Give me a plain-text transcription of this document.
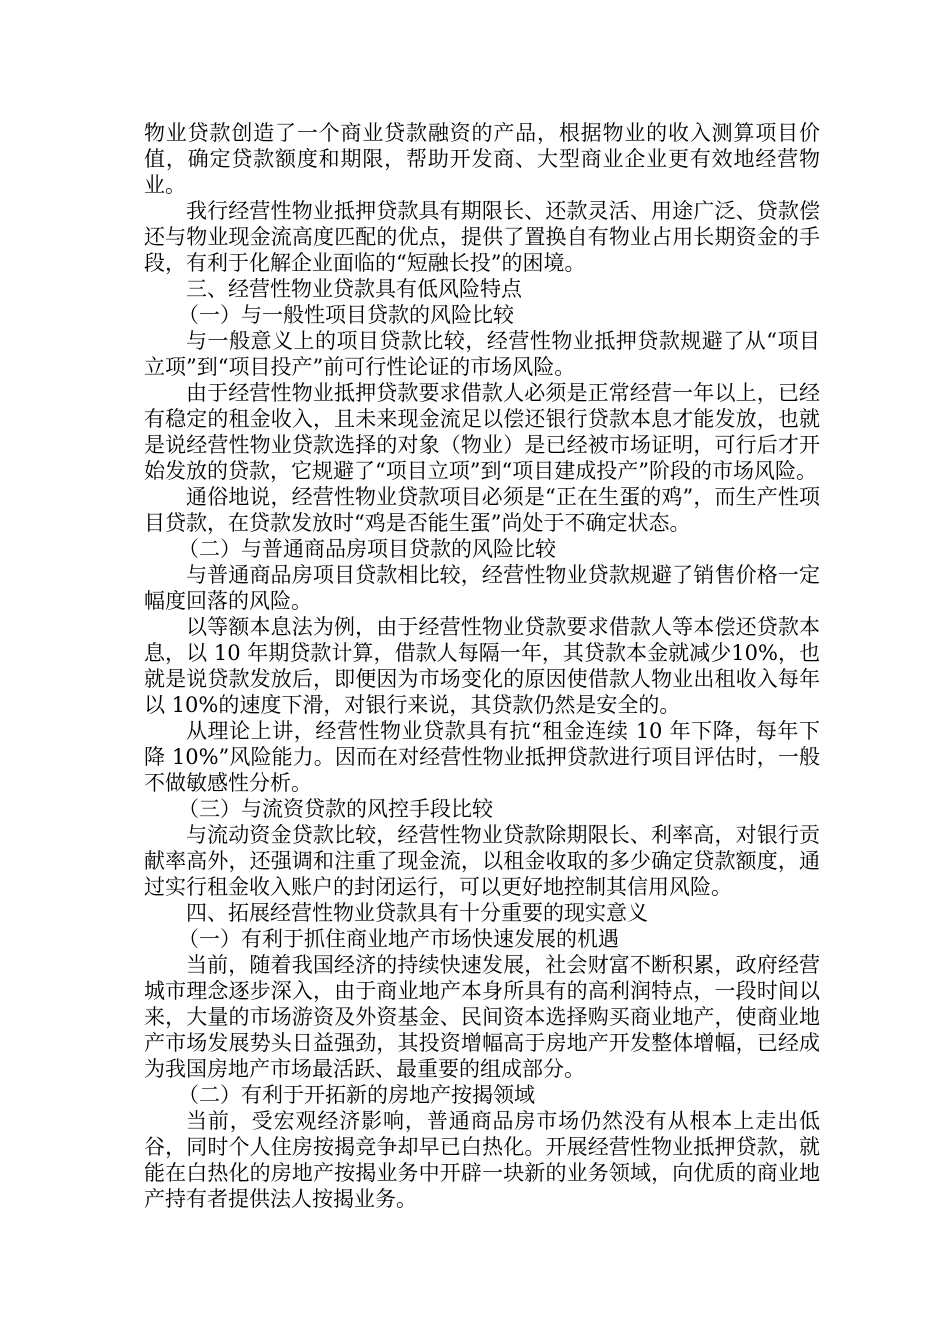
物业贷款创造了一个商业贷款融资的产品，根据物业的收入测算项目价值，确定贷款额度和期限，帮助开发商、大型商业企业更有效地经营物业。

我行经营性物业抵押贷款具有期限长、还款灵活、用途广泛、贷款偿还与物业现金流高度匹配的优点，提供了置换自有物业占用长期资金的手段，有利于化解企业面临的“短融长投”的困境。

三、经营性物业贷款具有低风险特点

（一）与一般性项目贷款的风险比较

与一般意义上的项目贷款比较，经营性物业抵押贷款规避了从“项目立项”到“项目投产”前可行性论证的市场风险。

由于经营性物业抵押贷款要求借款人必须是正常经营一年以上，已经有稳定的租金收入，且未来现金流足以偿还银行贷款本息才能发放，也就是说经营性物业贷款选择的对象（物业）是已经被市场证明，可行后才开始发放的贷款，它规避了“项目立项”到“项目建成投产”阶段的市场风险。

通俗地说，经营性物业贷款项目必须是“正在生蛋的鸡”，而生产性项目贷款，在贷款发放时“鸡是否能生蛋”尚处于不确定状态。

（二）与普通商品房项目贷款的风险比较

与普通商品房项目贷款相比较，经营性物业贷款规避了销售价格一定幅度回落的风险。

以等额本息法为例，由于经营性物业贷款要求借款人等本偿还贷款本息，以 10 年期贷款计算，借款人每隔一年，其贷款本金就减少10%，也就是说贷款发放后，即便因为市场变化的原因使借款人物业出租收入每年以 10%的速度下滑，对银行来说，其贷款仍然是安全的。

从理论上讲，经营性物业贷款具有抗“租金连续 10 年下降，每年下降 10%”风险能力。因而在对经营性物业抵押贷款进行项目评估时，一般不做敏感性分析。

（三）与流资贷款的风控手段比较

与流动资金贷款比较，经营性物业贷款除期限长、利率高，对银行贡献率高外，还强调和注重了现金流，以租金收取的多少确定贷款额度，通过实行租金收入账户的封闭运行，可以更好地控制其信用风险。

四、拓展经营性物业贷款具有十分重要的现实意义

（一）有利于抓住商业地产市场快速发展的机遇

当前，随着我国经济的持续快速发展，社会财富不断积累，政府经营城市理念逐步深入，由于商业地产本身所具有的高利润特点，一段时间以来，大量的市场游资及外资基金、民间资本选择购买商业地产，使商业地产市场发展势头日益强劲，其投资增幅高于房地产开发整体增幅，已经成为我国房地产市场最活跃、最重要的组成部分。

（二）有利于开拓新的房地产按揭领域

当前，受宏观经济影响，普通商品房市场仍然没有从根本上走出低谷，同时个人住房按揭竞争却早已白热化。开展经营性物业抵押贷款，就能在白热化的房地产按揭业务中开辟一块新的业务领域，向优质的商业地产持有者提供法人按揭业务。
